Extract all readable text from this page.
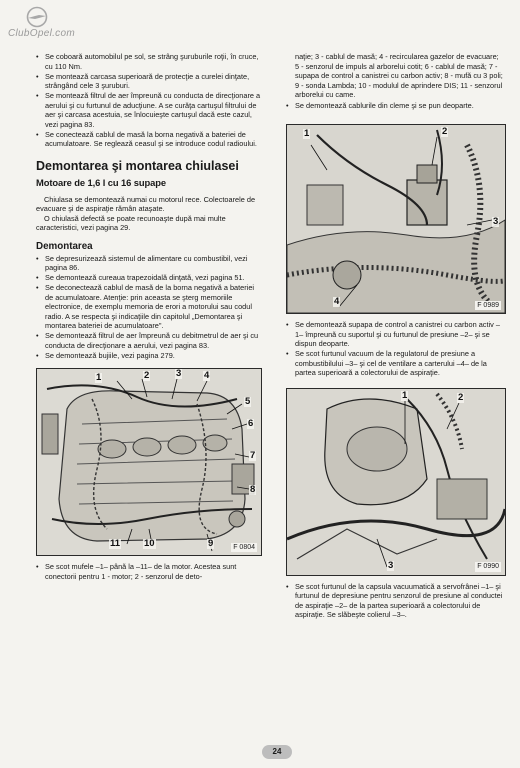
ClubOpel.com
• Se coboară automobilul pe sol, se strâng şuruburile roţii, în cruce, cu 110 Nm.
• Se montează carcasa superioară de protecţie a curelei dinţate, strângând cele 3 şuruburi.
• Se montează filtrul de aer împreună cu conducta de direcţionare a aerului şi cu furtunul de aducţiune. A se curăţa cartuşul filtrului de aer şi carcasa acestuia, se înlocuieşte cartuşul dacă este cazul, vezi pagina 83.
• Se conectează cablul de masă la borna negativă a bateriei de acumulatoare. Se reglează ceasul şi se introduce codul radioului.
Demontarea şi montarea chiulasei
Motoare de 1,6 l cu 16 supape

Chiulasa se demontează numai cu motorul rece. Colectoarele de evacuare şi de aspiraţie rămân ataşate.

O chiulasă defectă se poate recunoaşte după mai multe caracteristici, vezi pagina 29.

Demontarea
• Se depresurizează sistemul de alimentare cu combustibil, vezi pagina 86.
• Se demontează cureaua trapezoidală dinţată, vezi pagina 51.
• Se deconectează cablul de masă de la borna negativă a bateriei de acumulatoare. Atenţie: prin aceasta se şterg memoriile electronice, de exemplu memoria de erori a motorului sau codul radio. A se respecta şi indicaţiile din capitolul „Demontarea şi montarea bateriei de acumulatoare".
• Se demontează filtrul de aer împreună cu debitmetrul de aer şi cu conducta de direcţionare a aerului, vezi pagina 83.
• Se demontează bujiile, vezi pagina 279.
1	2	3 4
5
6
7
8
9
10
11	F 0804
• Se scot mufele –1– până la –11– de la motor. Acestea sunt conectorii pentru 1 - motor; 2 - senzorul de deto-

naţie; 3 - cablul de masă; 4 - recircularea gazelor de evacuare; 5 - senzorul de impuls al arborelui cotit; 6 - cablul de masă; 7 - supapa de control a canistrei cu carbon activ; 8 - mufă cu 3 poli; 9 - sonda Lambda; 10 - modulul de aprindere DIS; 11 - senzorul arborelui cu came.

• Se demontează cablurile din clemе şi se pun deoparte.
1	2
3
4	F 0989
• Se demontează supapa de control a canistrei cu carbon activ –1– împreună cu suportul şi cu furtunul de presiune –2– şi se dispun deoparte.
• Se scot furtunul vacuum de la regulatorul de presiune a combustibilului –3– şi cel de ventilare a carterului –4– de la partea superioară a colectorului de aspiraţie.
1	2
3	F 0990
• Se scot furtunul de la capsula vacuumatică a servofrânei –1– şi furtunul de depresiune pentru senzorul de presiune al conductei de aspiraţie –2– de la partea superioară a colectorului de aspiraţie. Se slăbeşte colierul –3–.
24
